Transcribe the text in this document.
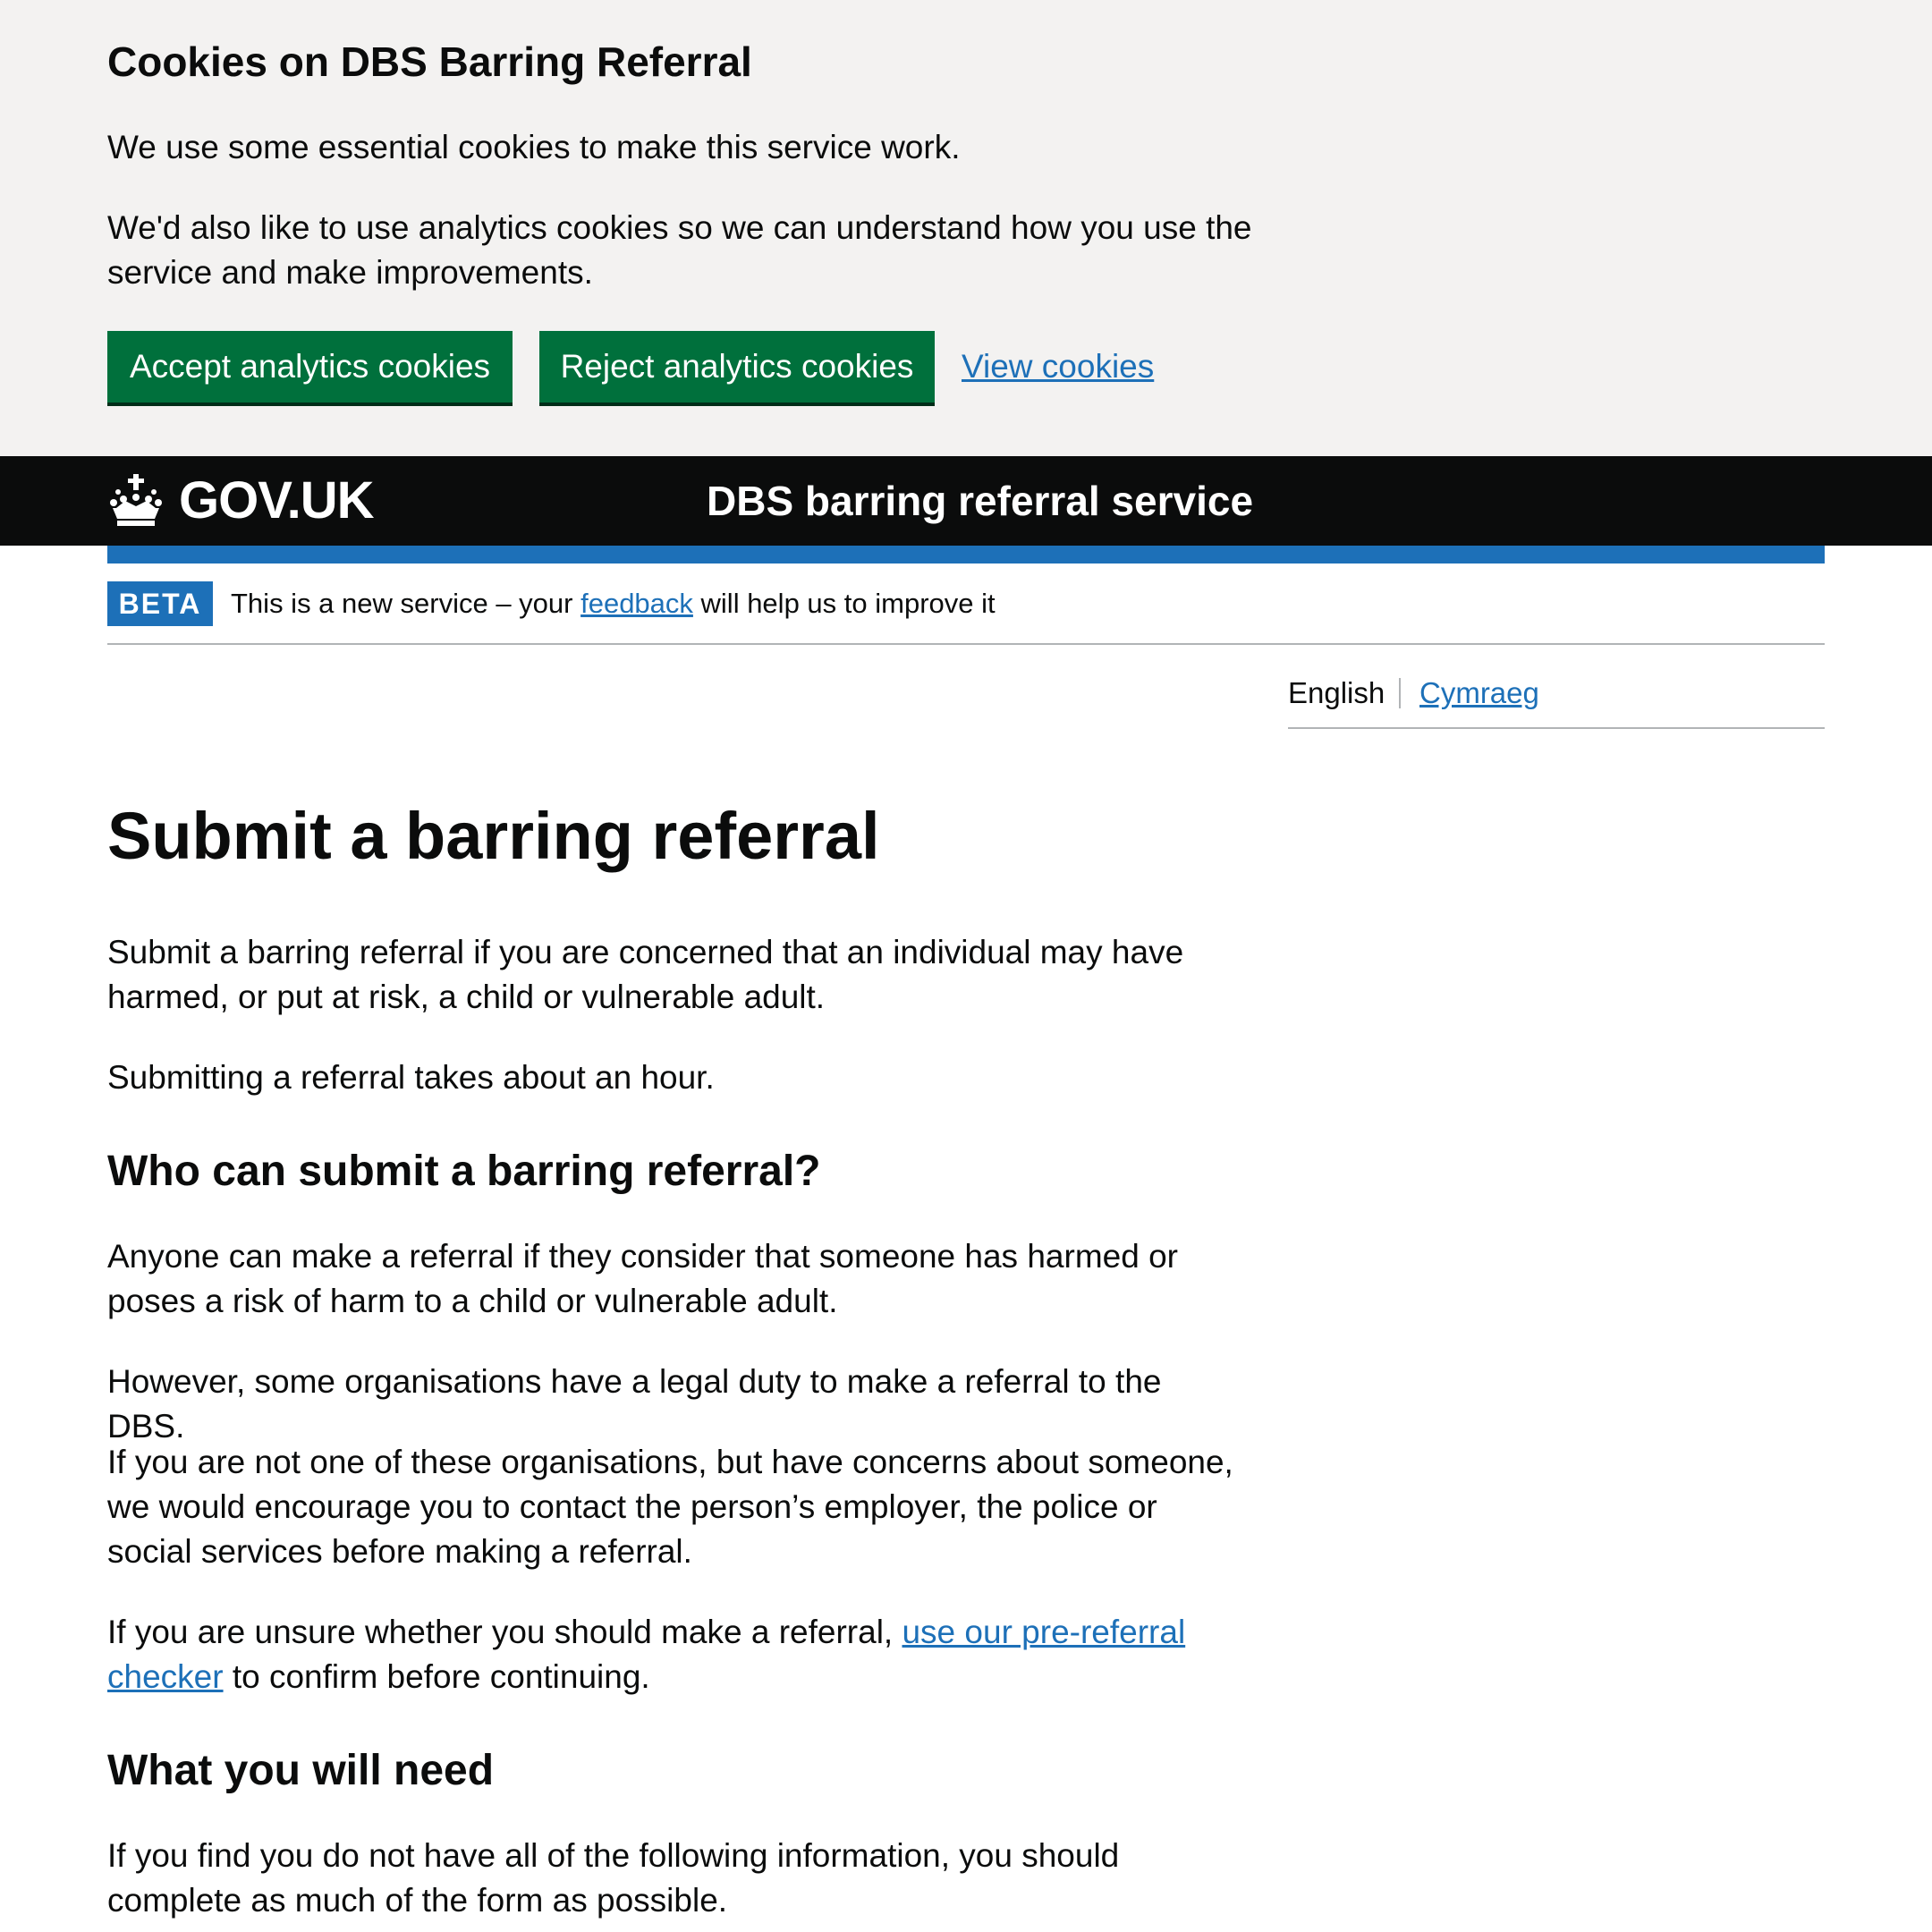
Cookies on DBS Barring Referral

We use some essential cookies to make this service work.

We'd also like to use analytics cookies so we can understand how you use the service and make improvements.

Accept analytics cookies	Reject analytics cookies	View cookies
GOV.UK	DBS barring referral service
BETA	This is a new service – your feedback will help us to improve it
English Cymraeg
Submit a barring referral

Submit a barring referral if you are concerned that an individual may have harmed, or put at risk, a child or vulnerable adult.

Submitting a referral takes about an hour.

Who can submit a barring referral?

Anyone can make a referral if they consider that someone has harmed or poses a risk of harm to a child or vulnerable adult.

However, some organisations have a legal duty to make a referral to the DBS.

If you are not one of these organisations, but have concerns about someone, we would encourage you to contact the person’s employer, the police or social services before making a referral.

If you are unsure whether you should make a referral, use our pre-referral checker to confirm before continuing.

What you will need

If you find you do not have all of the following information, you should complete as much of the form as possible.
